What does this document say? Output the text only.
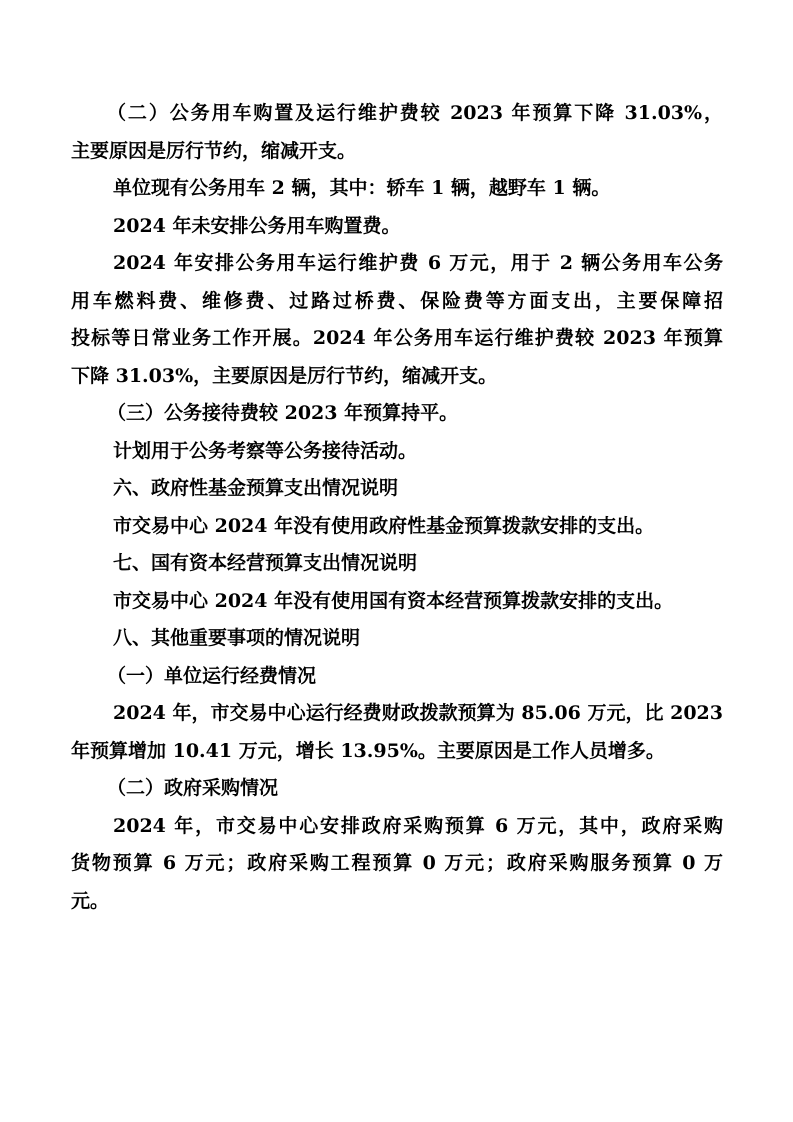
（二）公务用车购置及运行维护费较 2023 年预算下降 31.03%，
主要原因是厉行节约，缩减开支。
单位现有公务用车 2 辆，其中：轿车 1 辆，越野车 1 辆。
2024 年未安排公务用车购置费。
2024 年安排公务用车运行维护费 6 万元，用于 2 辆公务用车公务
用车燃料费、维修费、过路过桥费、保险费等方面支出，主要保障招
投标等日常业务工作开展。2024 年公务用车运行维护费较 2023 年预算
下降 31.03%，主要原因是厉行节约，缩减开支。
（三）公务接待费较 2023 年预算持平。
计划用于公务考察等公务接待活动。
六、政府性基金预算支出情况说明
市交易中心 2024 年没有使用政府性基金预算拨款安排的支出。
七、国有资本经营预算支出情况说明
市交易中心 2024 年没有使用国有资本经营预算拨款安排的支出。
八、其他重要事项的情况说明
（一）单位运行经费情况
2024 年，市交易中心运行经费财政拨款预算为 85.06 万元，比 2023
年预算增加 10.41 万元，增长 13.95%。主要原因是工作人员增多。
（二）政府采购情况
2024 年，市交易中心安排政府采购预算 6 万元，其中，政府采购
货物预算 6 万元；政府采购工程预算 0 万元；政府采购服务预算 0 万
元。
